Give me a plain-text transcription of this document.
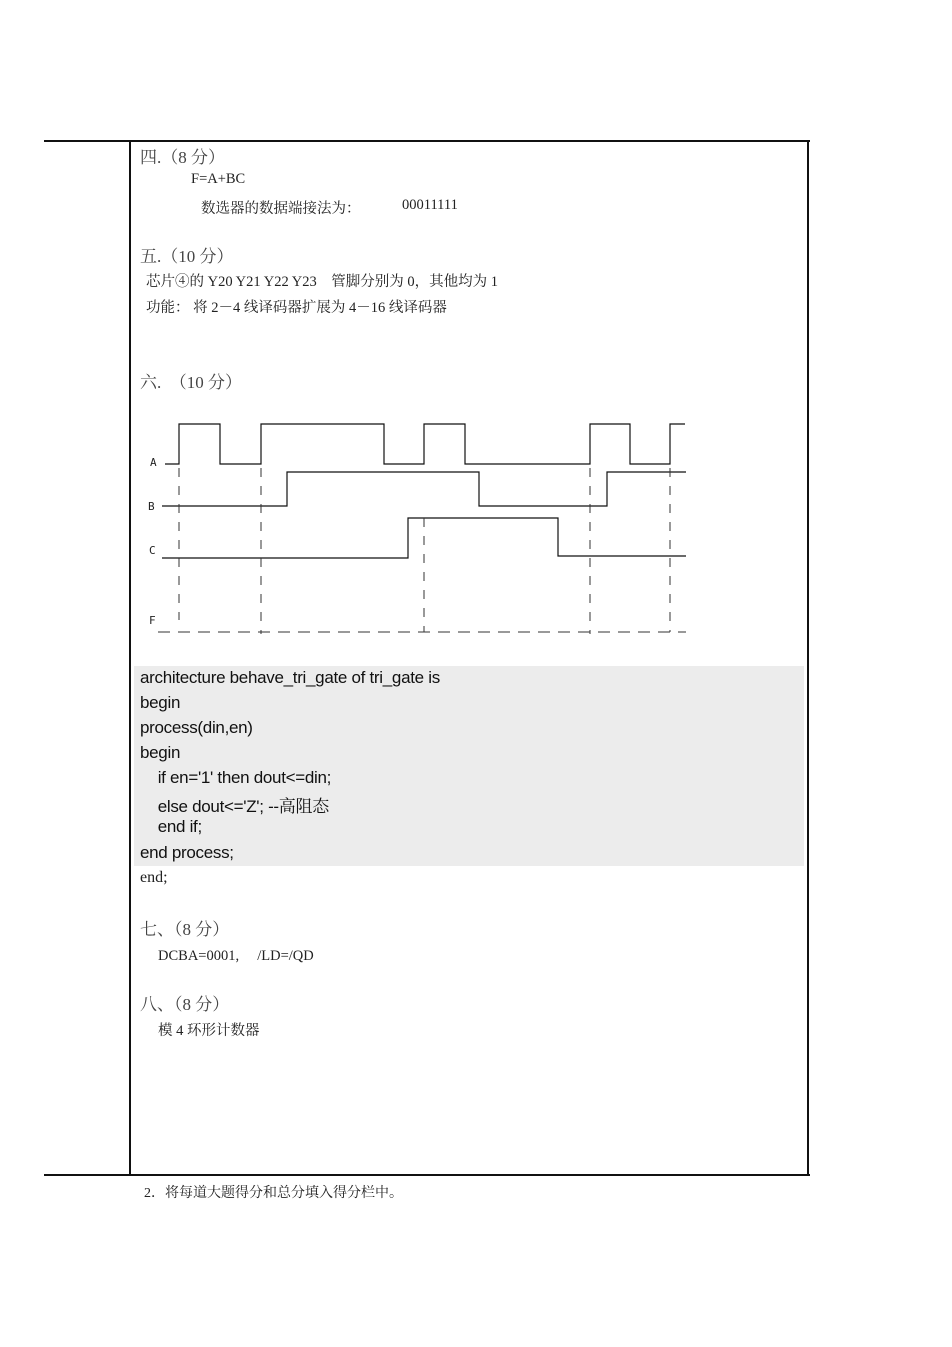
四.（8 分）
F=A+BC
数选器的数据端接法为：	00011111
五.（10 分）
芯片④的 Y20 Y21 Y22 Y23　管脚分别为 0，其他均为 1
功能： 将 2－4 线译码器扩展为 4－16 线译码器
六.　（10 分）
A
B
C
F
architecture behave_tri_gate of tri_gate is
begin
process(din,en)
begin
if en='1' then dout<=din;
else dout<='Z'; --高阻态
end if;
end process;
end;
七、（8 分）
DCBA=0001,　 /LD=/QD
八、（8 分）
模 4 环形计数器
2．将每道大题得分和总分填入得分栏中。
